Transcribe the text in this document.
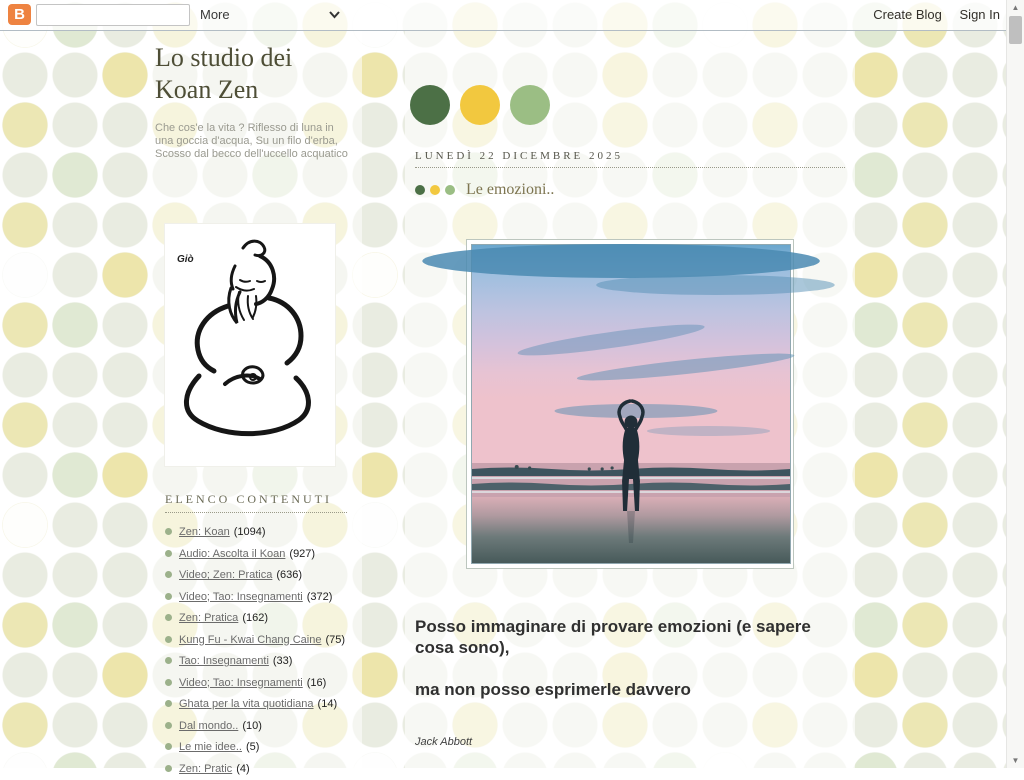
B	More	Create Blog Sign In
Lo studio dei Koan Zen
Che cos'e la vita ? Riflesso di luna in una goccia d'acqua, Su un filo d'erba, Scosso dal becco dell'uccello acquatico
Giò
ELENCO CONTENUTI
Zen: Koan (1094)
Audio: Ascolta il Koan (927)
Video; Zen: Pratica (636)
Video; Tao: Insegnamenti (372)
Zen: Pratica (162)
Kung Fu - Kwai Chang Caine (75)
Tao: Insegnamenti (33)
Video; Tao: Insegnamenti (16)
Ghata per la vita quotidiana (14)
Dal mondo.. (10)
Le mie idee.. (5)
Zen: Pratic (4)
LUNEDÌ 22 DICEMBRE 2025
Le emozioni..

Posso immaginare di provare emozioni (e sapere cosa sono),

ma non posso esprimerle davvero

Jack Abbott
▲
▼
